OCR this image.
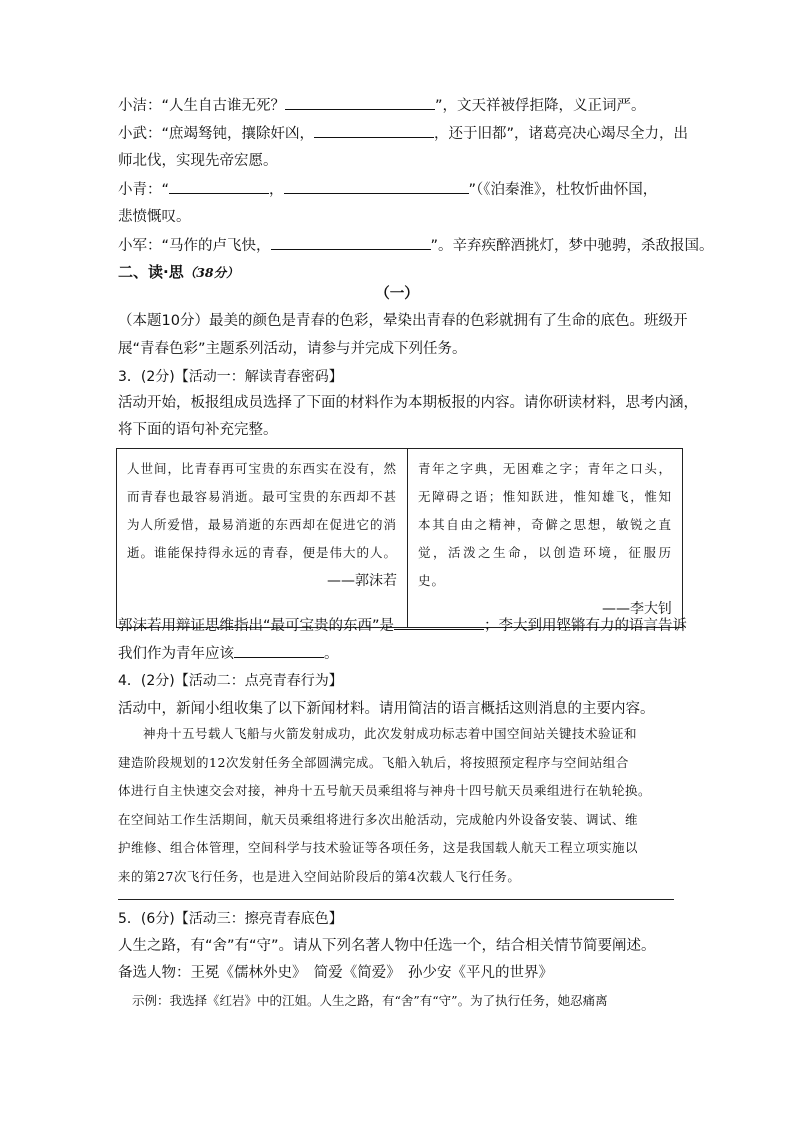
小洁：“人生自古谁无死？	”，文天祥被俘拒降，义正词严。
小武：“庶竭驽钝，攘除奸凶，	，还于旧都”，诸葛亮决心竭尽全力，出
师北伐，实现先帝宏愿。
小青：“	，	”（《泊秦淮》，杜牧忻曲怀国，
悲愤慨叹。
小军：“马作的卢飞快，	”。辛弃疾醉酒挑灯，梦中驰骋，杀敌报国。
二、读·思（38分）
（一）
（本题10分）最美的颜色是青春的色彩，晕染出青春的色彩就拥有了生命的底色。班级开
展“青春色彩”主题系列活动，请参与并完成下列任务。
3．(2分)【活动一：解读青春密码】
活动开始，板报组成员选择了下面的材料作为本期板报的内容。请你研读材料，思考内涵，
将下面的语句补充完整。
人世间，比青春再可宝贵的东西实在没有，然而青春也最容易消逝。最可宝贵的东西却不甚为人所爱惜，最易消逝的东西却在促进它的消逝。谁能保持得永远的青春，便是伟大的人。
——郭沫若

青年之字典，无困难之字；青年之口头，无障碍之语；惟知跃进，惟知雄飞，惟知本其自由之精神，奇僻之思想，敏锐之直觉，活泼之生命，以创造环境，征服历史。
——李大钊
郭沫若用辩证思维指出“最可宝贵的东西”是	；李大到用铿锵有力的语言告诉
我们作为青年应该	。
4．(2分)【活动二：点亮青春行为】
活动中，新闻小组收集了以下新闻材料。请用简洁的语言概括这则消息的主要内容。
神舟十五号载人飞船与火箭发射成功，此次发射成功标志着中国空间站关键技术验证和
建造阶段规划的12次发射任务全部圆满完成。飞船入轨后，将按照预定程序与空间站组合
体进行自主快速交会对接，神舟十五号航天员乘组将与神舟十四号航天员乘组进行在轨轮换。
在空间站工作生活期间，航天员乘组将进行多次出舱活动，完成舱内外设备安装、调试、维
护维修、组合体管理，空间科学与技术验证等各项任务，这是我国载人航天工程立项实施以
来的第27次飞行任务，也是进入空间站阶段后的第4次载人飞行任务。
5．(6分)【活动三：擦亮青春底色】
人生之路，有“舍”有“守”。请从下列名著人物中任选一个，结合相关情节简要阐述。
备选人物：王冕《儒林外史》　简爱《简爱》　孙少安《平凡的世界》
示例：我选择《红岩》中的江姐。人生之路，有“舍”有“守”。为了执行任务，她忍痛离
